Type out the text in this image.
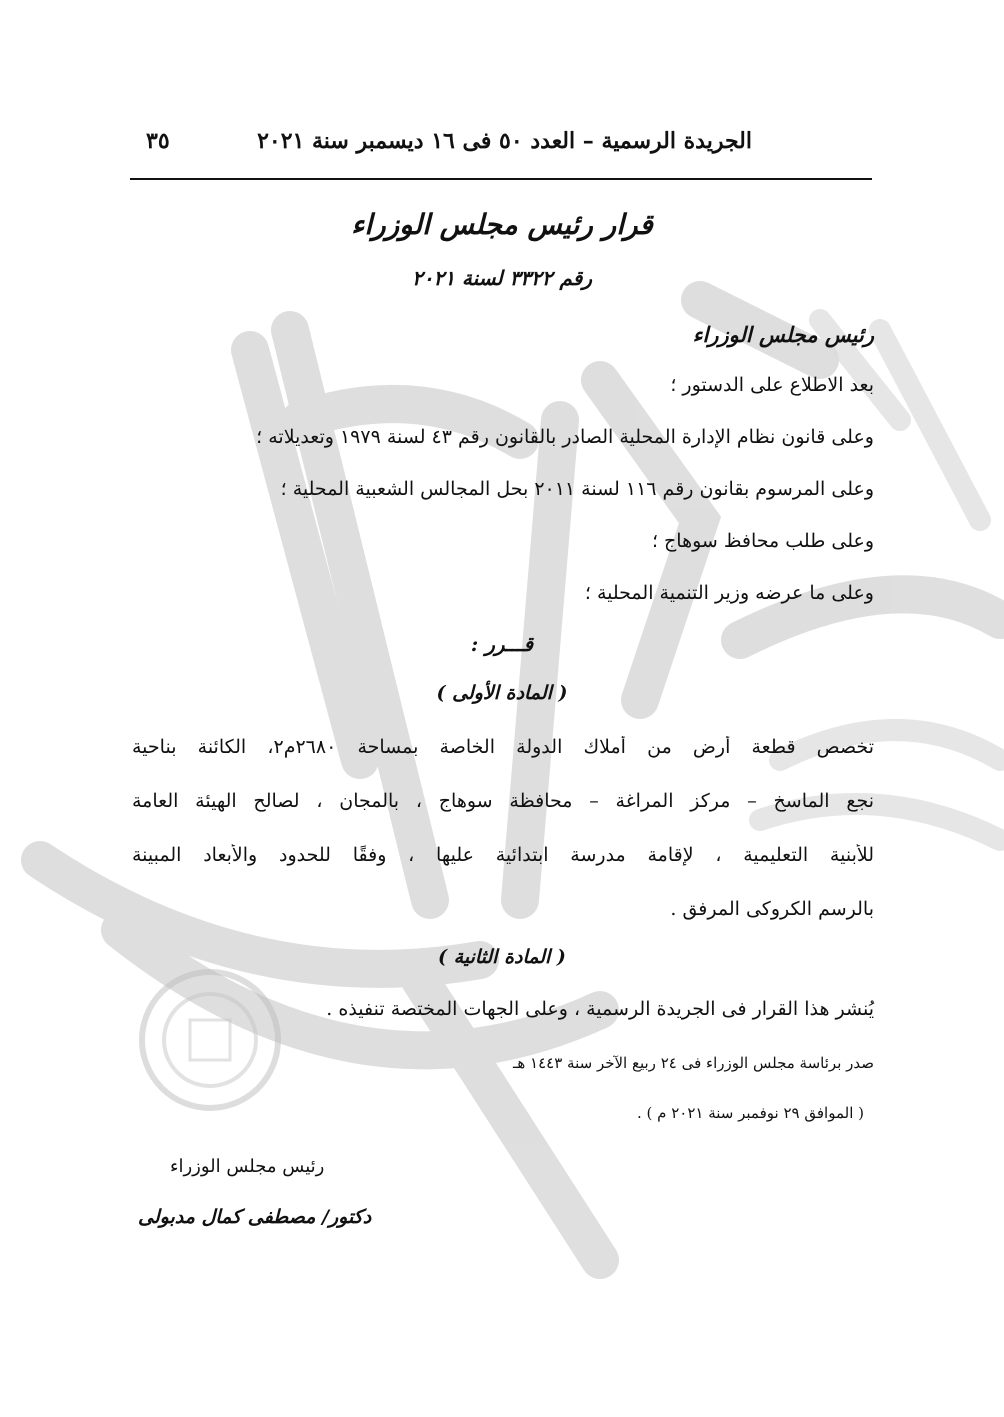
الجريدة الرسمية – العدد ٥٠ فى ١٦ ديسمبر سنة ٢٠٢١
٣٥
قرار رئيس مجلس الوزراء
رقم ٣٣٢٢ لسنة ٢٠٢١
رئيس مجلس الوزراء
بعد الاطلاع على الدستور ؛
وعلى قانون نظام الإدارة المحلية الصادر بالقانون رقم ٤٣ لسنة ١٩٧٩ وتعديلاته ؛
وعلى المرسوم بقانون رقم ١١٦ لسنة ٢٠١١ بحل المجالس الشعبية المحلية ؛
وعلى طلب محافظ سوهاج ؛
وعلى ما عرضه وزير التنمية المحلية ؛
قـــرر :
( المادة الأولى )
تخصص قطعة أرض من أملاك الدولة الخاصة بمساحة ٢٦٨٠م٢، الكائنة بناحية
نجع الماسخ – مركز المراغة – محافظة سوهاج ، بالمجان ، لصالح الهيئة العامة
للأبنية التعليمية ، لإقامة مدرسة ابتدائية عليها ، وفقًا للحدود والأبعاد المبينة
بالرسم الكروكى المرفق .
( المادة الثانية )
يُنشر هذا القرار فى الجريدة الرسمية ، وعلى الجهات المختصة تنفيذه .
صدر برئاسة مجلس الوزراء فى ٢٤ ربيع الآخر سنة ١٤٤٣ هـ
( الموافق ٢٩ نوفمبر سنة ٢٠٢١ م ) .
رئيس مجلس الوزراء
دكتور/ مصطفى كمال مدبولى
